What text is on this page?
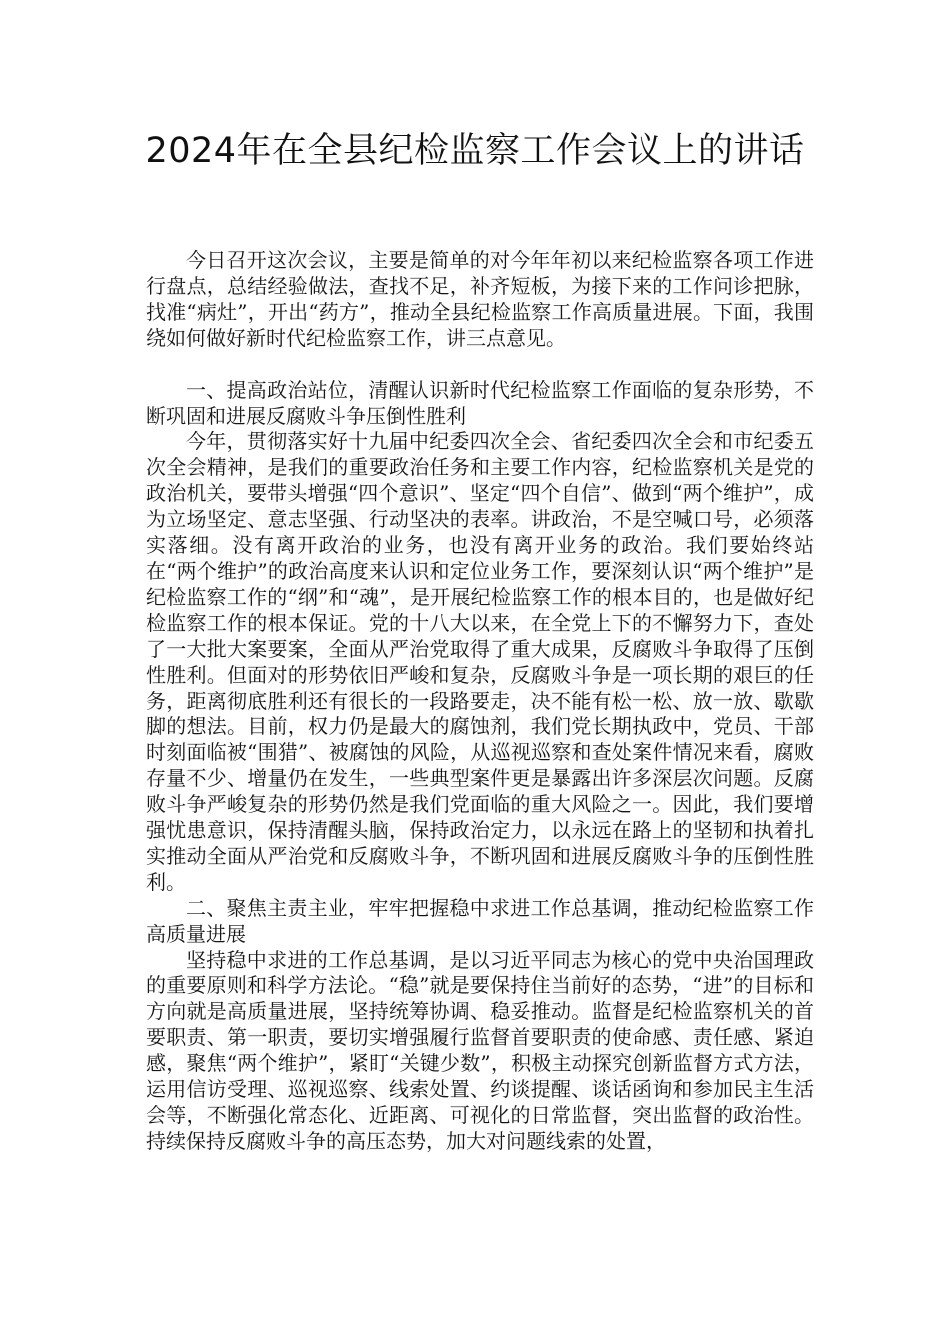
2024年在全县纪检监察工作会议上的讲话

今日召开这次会议，主要是简单的对今年年初以来纪检监察各项工作进行盘点，总结经验做法，查找不足，补齐短板，为接下来的工作问诊把脉，找准“病灶”，开出“药方”，推动全县纪检监察工作高质量进展。下面，我围绕如何做好新时代纪检监察工作，讲三点意见。

一、提高政治站位，清醒认识新时代纪检监察工作面临的复杂形势，不断巩固和进展反腐败斗争压倒性胜利

今年，贯彻落实好十九届中纪委四次全会、省纪委四次全会和市纪委五次全会精神，是我们的重要政治任务和主要工作内容，纪检监察机关是党的政治机关，要带头增强“四个意识”、坚定“四个自信”、做到“两个维护”，成为立场坚定、意志坚强、行动坚决的表率。讲政治，不是空喊口号，必须落实落细。没有离开政治的业务，也没有离开业务的政治。我们要始终站在“两个维护”的政治高度来认识和定位业务工作，要深刻认识“两个维护”是纪检监察工作的“纲”和“魂”，是开展纪检监察工作的根本目的，也是做好纪检监察工作的根本保证。党的十八大以来，在全党上下的不懈努力下，查处了一大批大案要案，全面从严治党取得了重大成果，反腐败斗争取得了压倒性胜利。但面对的形势依旧严峻和复杂，反腐败斗争是一项长期的艰巨的任务，距离彻底胜利还有很长的一段路要走，决不能有松一松、放一放、歇歇脚的想法。目前，权力仍是最大的腐蚀剂，我们党长期执政中，党员、干部时刻面临被“围猎”、被腐蚀的风险，从巡视巡察和查处案件情况来看，腐败存量不少、增量仍在发生，一些典型案件更是暴露出许多深层次问题。反腐败斗争严峻复杂的形势仍然是我们党面临的重大风险之一。因此，我们要增强忧患意识，保持清醒头脑，保持政治定力，以永远在路上的坚韧和执着扎实推动全面从严治党和反腐败斗争，不断巩固和进展反腐败斗争的压倒性胜利。

二、聚焦主责主业，牢牢把握稳中求进工作总基调，推动纪检监察工作高质量进展

坚持稳中求进的工作总基调，是以习近平同志为核心的党中央治国理政的重要原则和科学方法论。“稳”就是要保持住当前好的态势，“进”的目标和方向就是高质量进展，坚持统筹协调、稳妥推动。监督是纪检监察机关的首要职责、第一职责，要切实增强履行监督首要职责的使命感、责任感、紧迫感，聚焦“两个维护”，紧盯“关键少数”，积极主动探究创新监督方式方法，运用信访受理、巡视巡察、线索处置、约谈提醒、谈话函询和参加民主生活会等，不断强化常态化、近距离、可视化的日常监督，突出监督的政治性。持续保持反腐败斗争的高压态势，加大对问题线索的处置，
